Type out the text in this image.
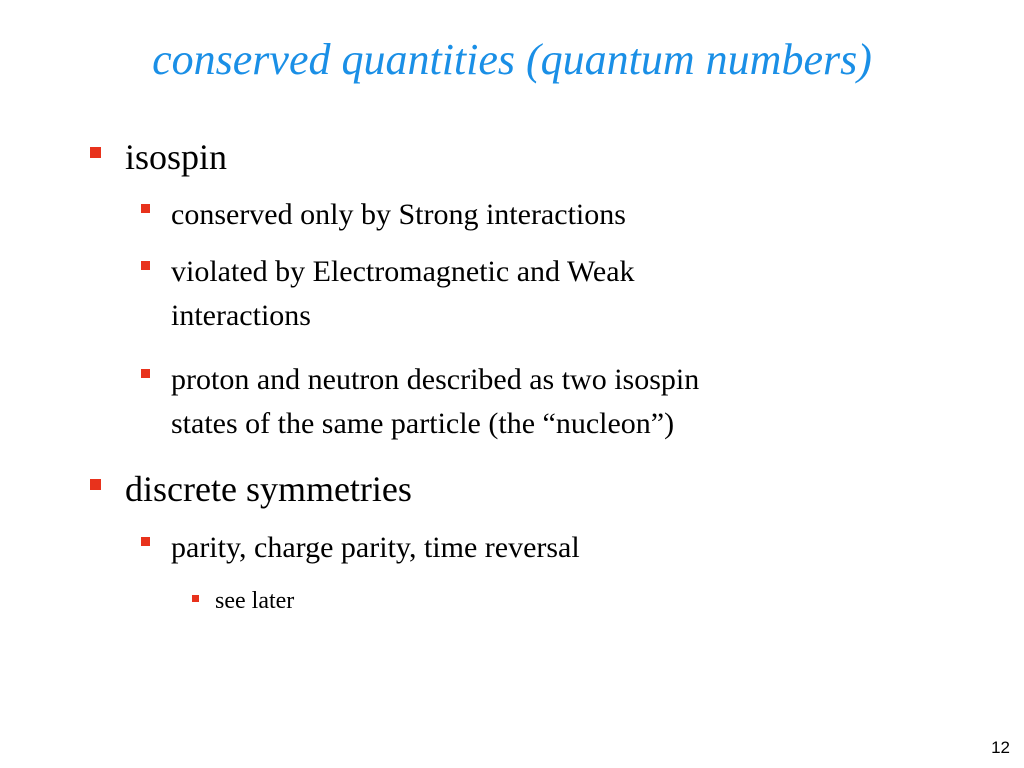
conserved quantities (quantum numbers)
isospin
conserved only by Strong interactions
violated by Electromagnetic and Weak
interactions
proton and neutron described as two isospin
states of the same particle (the “nucleon”)
discrete symmetries
parity, charge parity, time reversal
see later
12
